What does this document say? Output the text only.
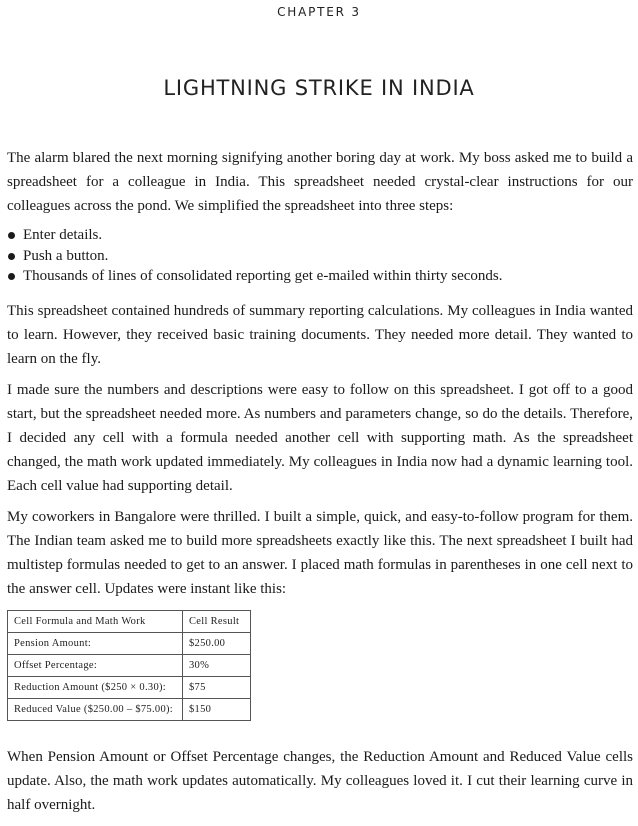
CHAPTER 3
LIGHTNING STRIKE IN INDIA

The alarm blared the next morning signifying another boring day at work. My boss asked me to build a spreadsheet for a colleague in India. This spreadsheet needed crystal-clear instructions for our colleagues across the pond. We simplified the spreadsheet into three steps:

Enter details.
Push a button.
Thousands of lines of consolidated reporting get e-mailed within thirty seconds.

This spreadsheet contained hundreds of summary reporting calculations. My colleagues in India wanted to learn. However, they received basic training documents. They needed more detail. They wanted to learn on the fly.

I made sure the numbers and descriptions were easy to follow on this spreadsheet. I got off to a good start, but the spreadsheet needed more. As numbers and parameters change, so do the details. Therefore, I decided any cell with a formula needed another cell with supporting math. As the spreadsheet changed, the math work updated immediately. My colleagues in India now had a dynamic learning tool. Each cell value had supporting detail.

My coworkers in Bangalore were thrilled. I built a simple, quick, and easy-to-follow program for them. The Indian team asked me to build more spreadsheets exactly like this. The next spreadsheet I built had multistep formulas needed to get to an answer. I placed math formulas in parentheses in one cell next to the answer cell. Updates were instant like this:

Cell Formula and Math Work	Cell Result
Pension Amount:	$250.00
Offset Percentage:	30%
Reduction Amount ($250 × 0.30):	$75
Reduced Value ($250.00 – $75.00):	$150

When Pension Amount or Offset Percentage changes, the Reduction Amount and Reduced Value cells update. Also, the math work updates automatically. My colleagues loved it. I cut their learning curve in half overnight.
